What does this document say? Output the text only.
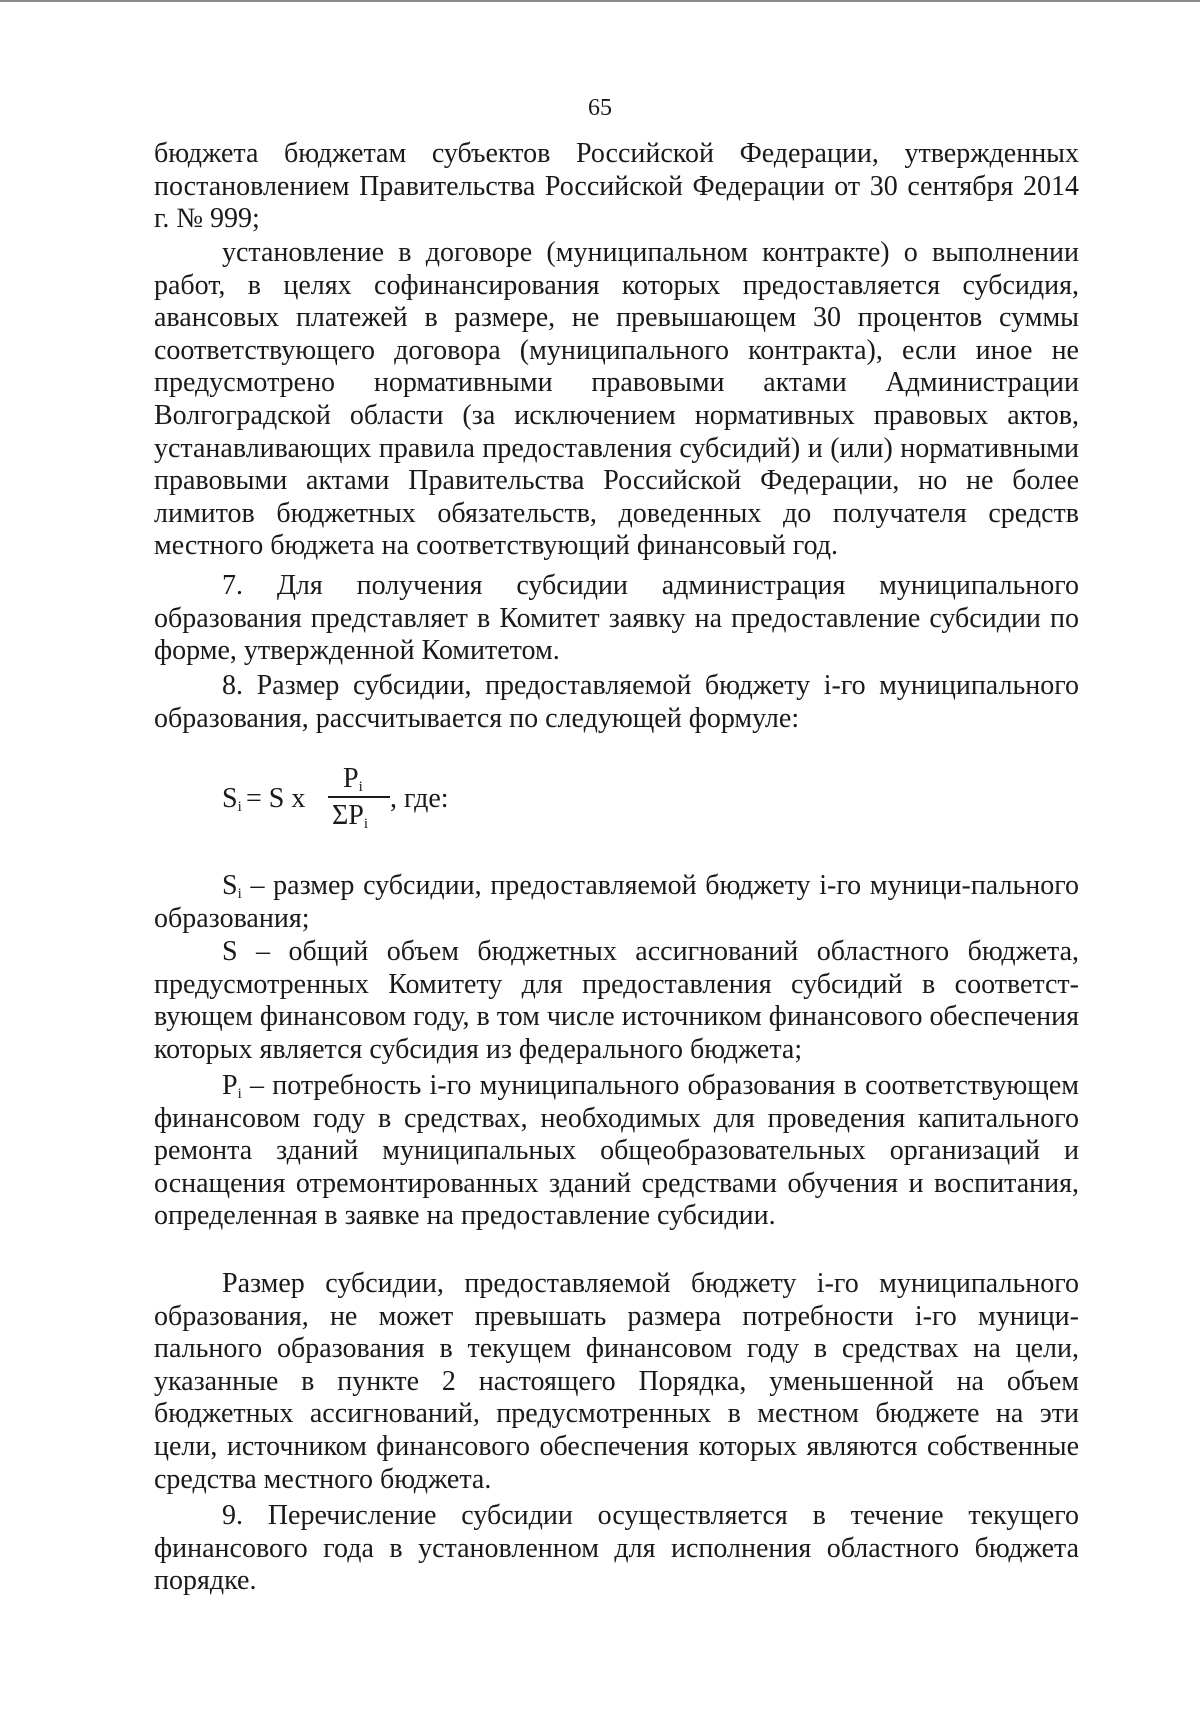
65
бюджета бюджетам субъектов Российской Федерации, утвержденных постановлением Правительства Российской Федерации от 30 сентября 2014 г. № 999;
установление в договоре (муниципальном контракте) о выполнении работ, в целях софинансирования которых предоставляется субсидия, авансовых платежей в размере, не превышающем 30 процентов суммы соответствующего договора (муниципального контракта), если иное не предусмотрено нормативными правовыми актами Администрации Волгоградской области (за исключением нормативных правовых актов, устанавливающих правила предоставления субсидий) и (или) нормативными правовыми актами Правительства Российской Федерации, но не более лимитов бюджетных обязательств, доведенных до получателя средств местного бюджета на соответствующий финансовый год.
7. Для получения субсидии администрация муниципального образования представляет в Комитет заявку на предоставление субсидии по форме, утвержденной Комитетом.
8. Размер субсидии, предоставляемой бюджету i-го муниципального образования, рассчитывается по следующей формуле:
$S_i = S$ x
$P_i$
$\Sigma P_i$
, где:
$S_i$ – размер субсидии, предоставляемой бюджету i-го муници-пального образования;
S – общий объем бюджетных ассигнований областного бюджета, предусмотренных Комитету для предоставления субсидий в соответст-вующем финансовом году, в том числе источником финансового обеспечения которых является субсидия из федерального бюджета;
$P_i$ – потребность i-го муниципального образования в соответствующем финансовом году в средствах, необходимых для проведения капитального ремонта зданий муниципальных общеобразовательных организаций и оснащения отремонтированных зданий средствами обучения и воспитания, определенная в заявке на предоставление субсидии.
Размер субсидии, предоставляемой бюджету i-го муниципального образования, не может превышать размера потребности i-го муници-пального образования в текущем финансовом году в средствах на цели, указанные в пункте 2 настоящего Порядка, уменьшенной на объем бюджетных ассигнований, предусмотренных в местном бюджете на эти цели, источником финансового обеспечения которых являются собственные средства местного бюджета.
9. Перечисление субсидии осуществляется в течение текущего финансового года в установленном для исполнения областного бюджета порядке.
